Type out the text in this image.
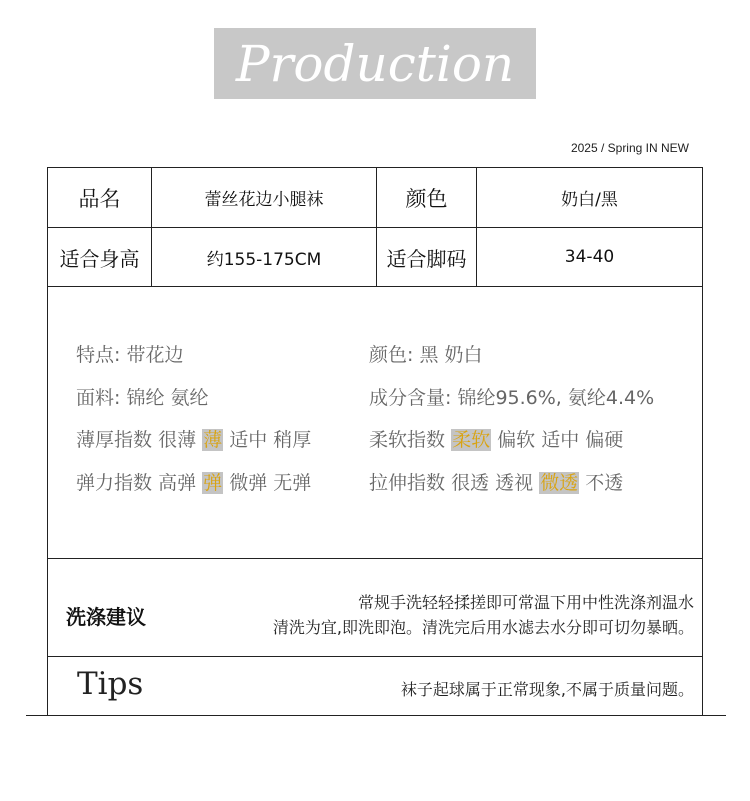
Production
2025 / Spring IN NEW
品名	蕾丝花边小腿袜	颜色	奶白/黑
适合身高	约155-175CM	适合脚码	34-40
特点: 带花边	颜色: 黑 奶白
面料: 锦纶 氨纶	成分含量: 锦纶95.6%, 氨纶4.4%
薄厚指数 很薄 薄 适中 稍厚	柔软指数 柔软 偏软 适中 偏硬
弹力指数 高弹 弹 微弹 无弹	拉伸指数 很透 透视 微透 不透
洗涤建议
常规手洗轻轻揉搓即可常温下用中性洗涤剂温水
清洗为宜,即洗即泡。清洗完后用水滤去水分即可切勿暴晒。
Tips	袜子起球属于正常现象,不属于质量问题。
